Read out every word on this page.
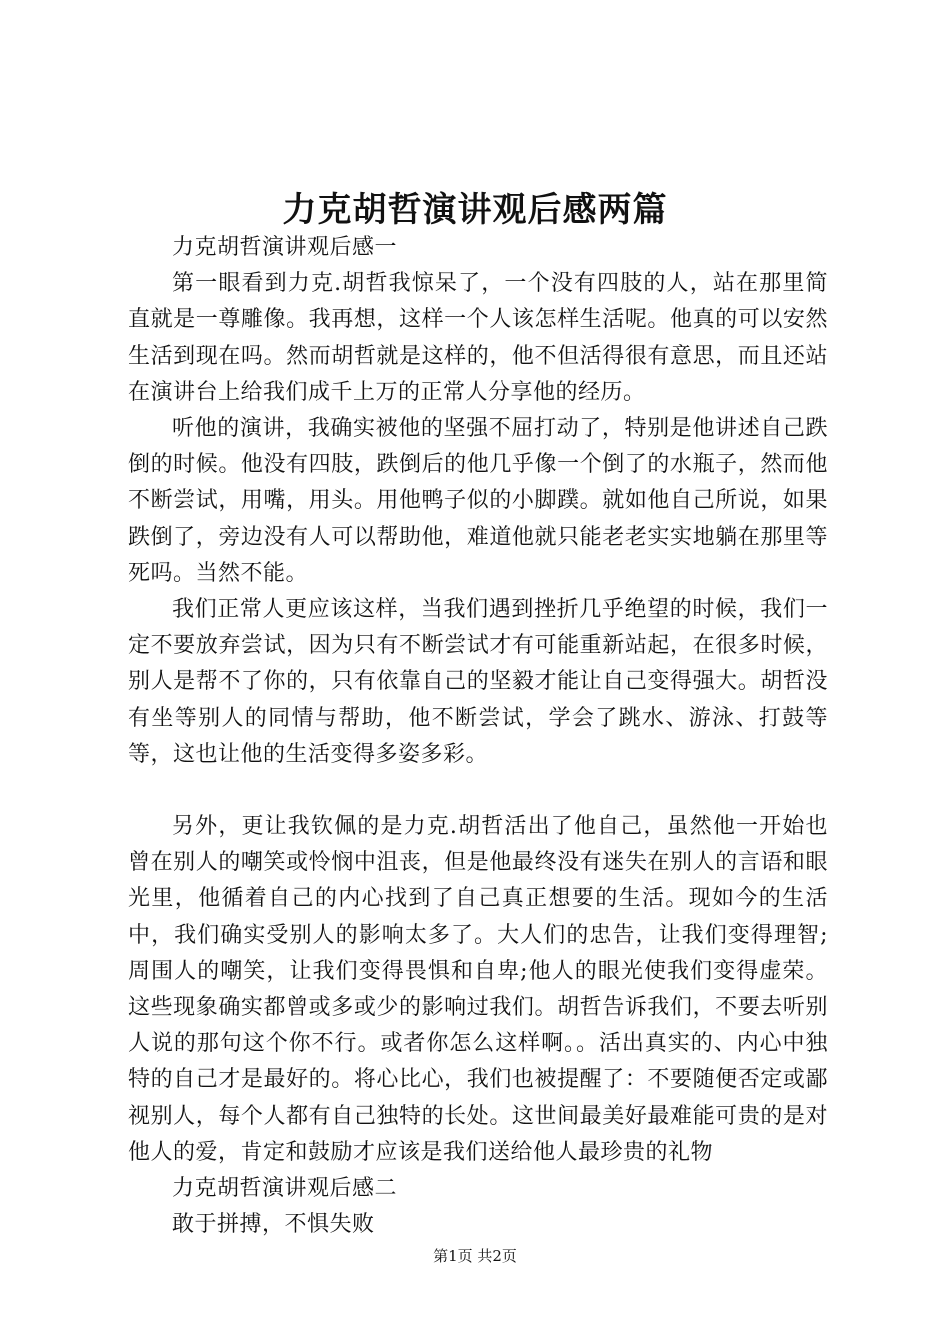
力克胡哲演讲观后感两篇

力克胡哲演讲观后感一

第一眼看到力克.胡哲我惊呆了，一个没有四肢的人，站在那里简直就是一尊雕像。我再想，这样一个人该怎样生活呢。他真的可以安然生活到现在吗。然而胡哲就是这样的，他不但活得很有意思，而且还站在演讲台上给我们成千上万的正常人分享他的经历。

听他的演讲，我确实被他的坚强不屈打动了，特别是他讲述自己跌倒的时候。他没有四肢，跌倒后的他几乎像一个倒了的水瓶子，然而他不断尝试，用嘴，用头。用他鸭子似的小脚蹼。就如他自己所说，如果跌倒了，旁边没有人可以帮助他，难道他就只能老老实实地躺在那里等死吗。当然不能。

我们正常人更应该这样，当我们遇到挫折几乎绝望的时候，我们一定不要放弃尝试，因为只有不断尝试才有可能重新站起，在很多时候，别人是帮不了你的，只有依靠自己的坚毅才能让自己变得强大。胡哲没有坐等别人的同情与帮助，他不断尝试，学会了跳水、游泳、打鼓等等，这也让他的生活变得多姿多彩。

另外，更让我钦佩的是力克.胡哲活出了他自己，虽然他一开始也曾在别人的嘲笑或怜悯中沮丧，但是他最终没有迷失在别人的言语和眼光里，他循着自己的内心找到了自己真正想要的生活。现如今的生活中，我们确实受别人的影响太多了。大人们的忠告，让我们变得理智;周围人的嘲笑，让我们变得畏惧和自卑;他人的眼光使我们变得虚荣。这些现象确实都曾或多或少的影响过我们。胡哲告诉我们，不要去听别人说的那句这个你不行。或者你怎么这样啊。。活出真实的、内心中独特的自己才是最好的。将心比心，我们也被提醒了：不要随便否定或鄙视别人，每个人都有自己独特的长处。这世间最美好最难能可贵的是对他人的爱，肯定和鼓励才应该是我们送给他人最珍贵的礼物

力克胡哲演讲观后感二

敢于拼搏，不惧失败

第1页 共2页
